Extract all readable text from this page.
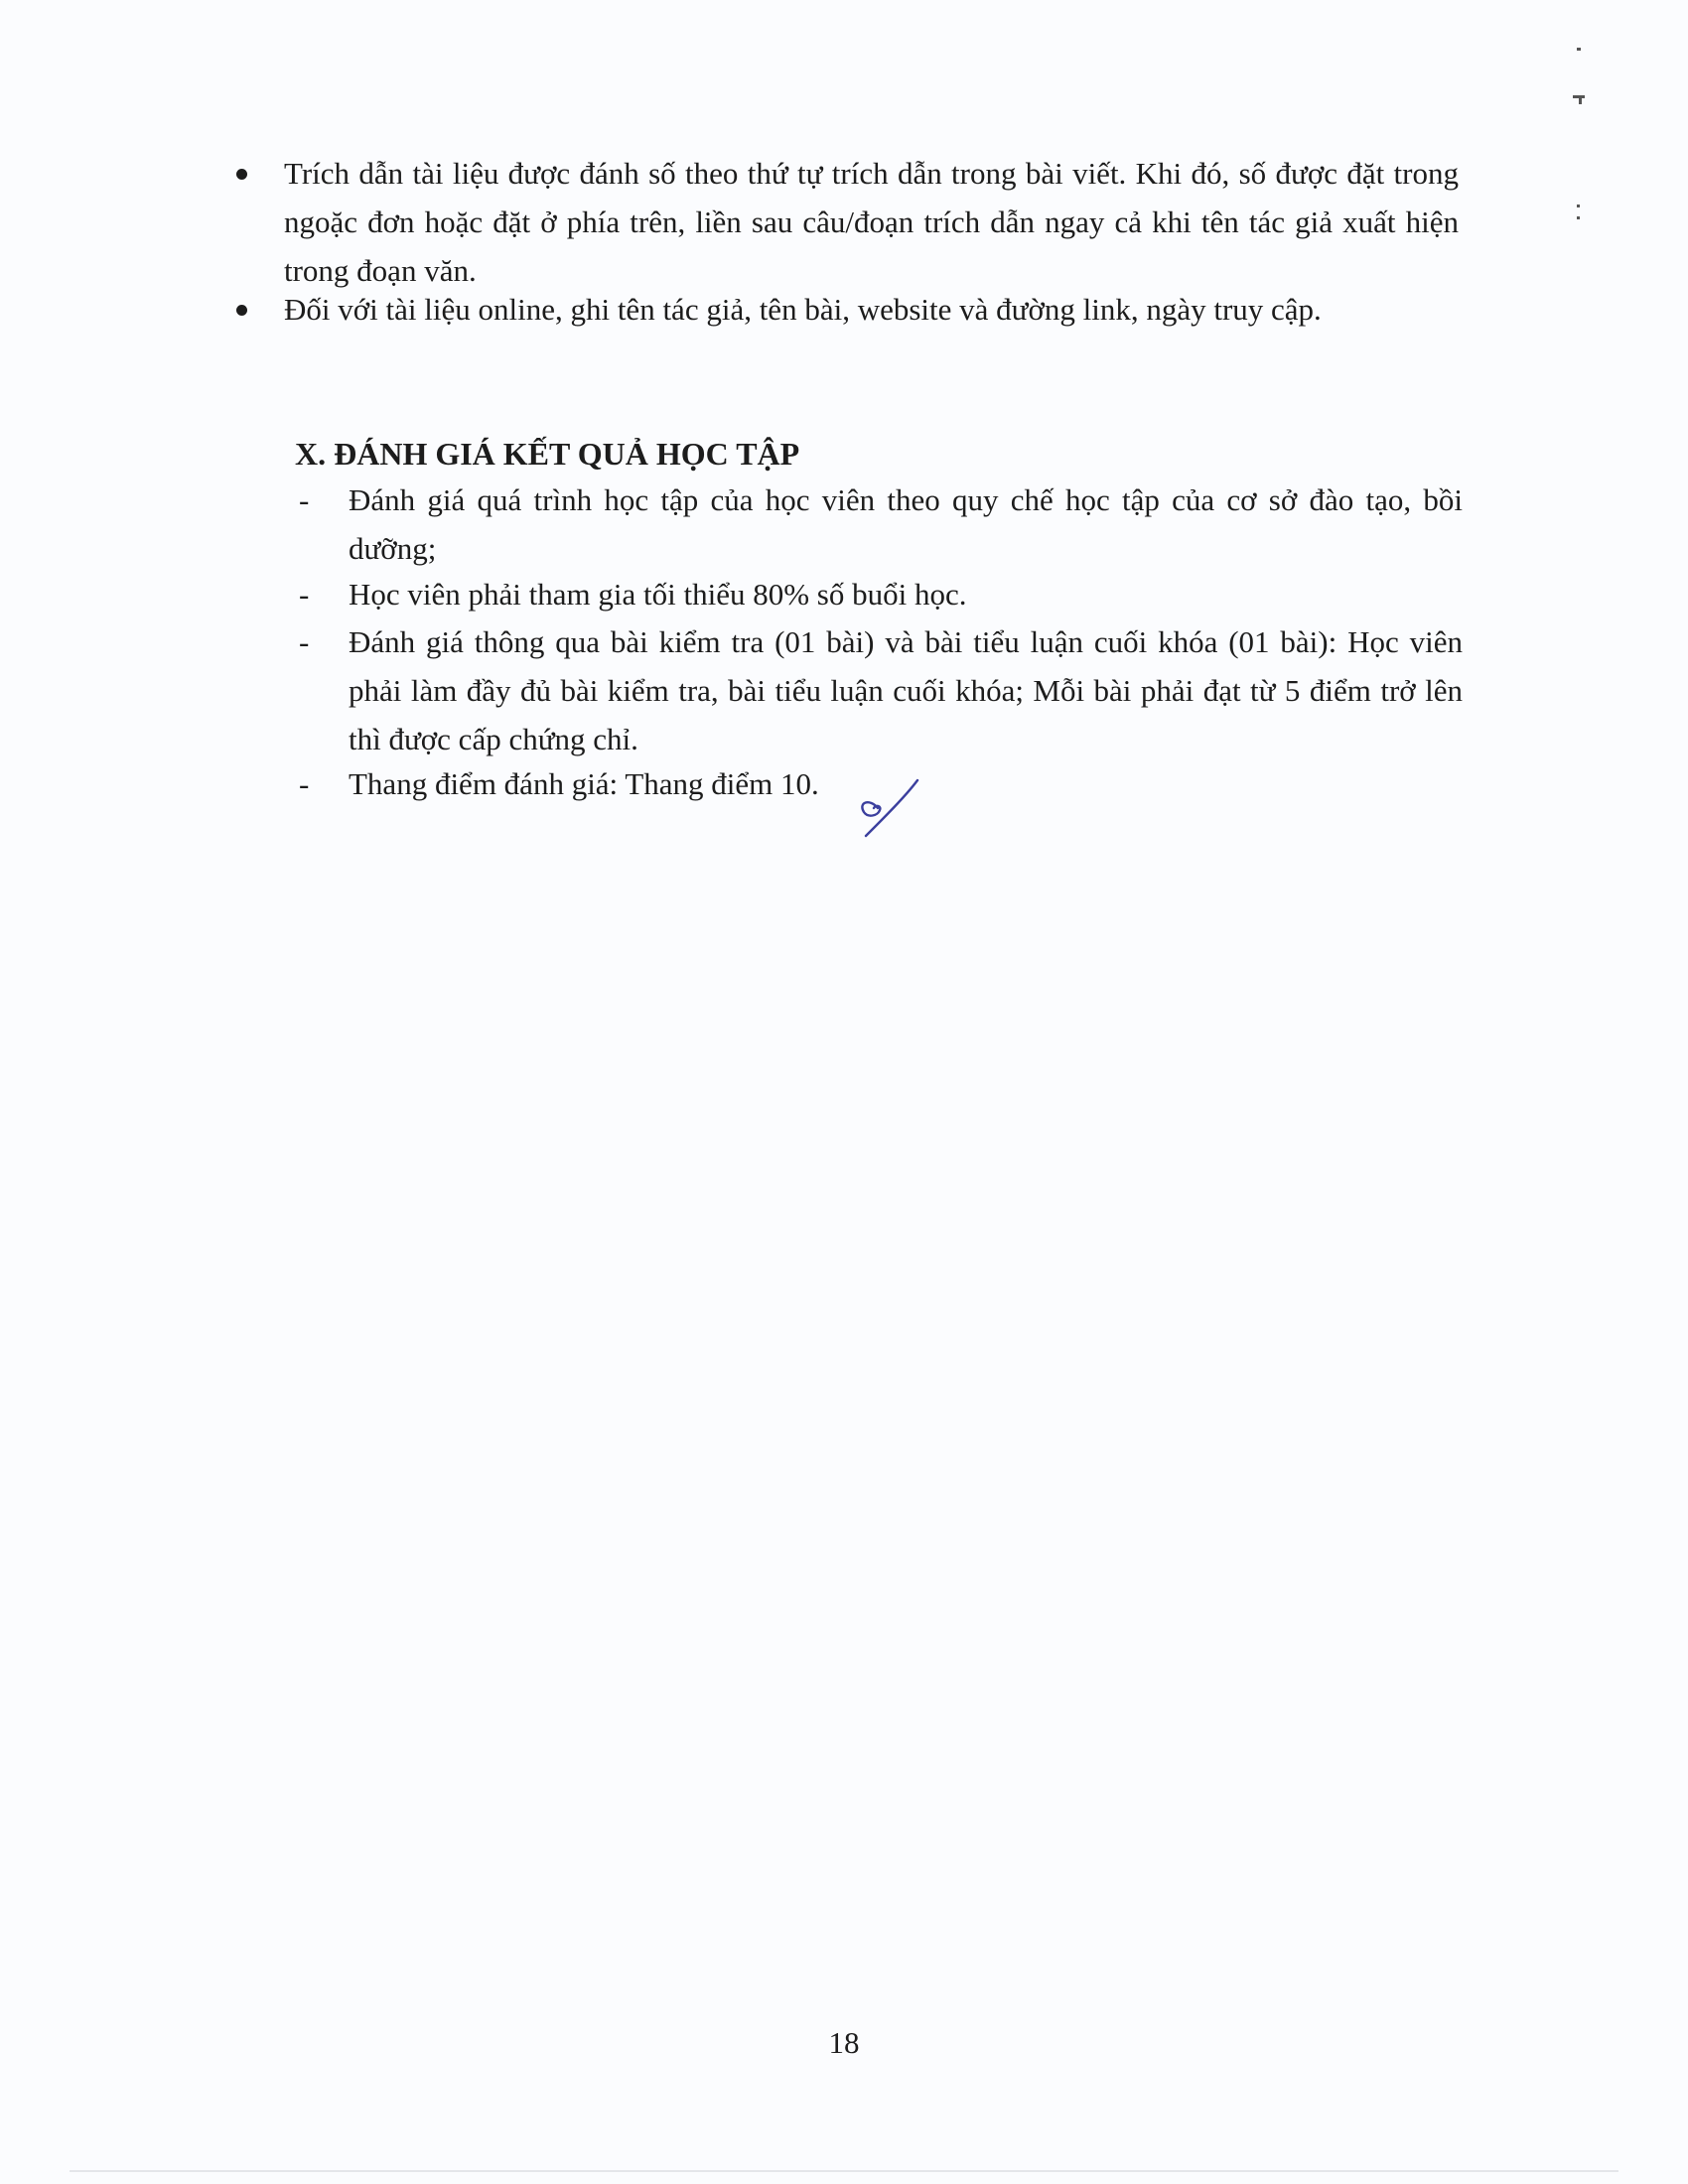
Trích dẫn tài liệu được đánh số theo thứ tự trích dẫn trong bài viết. Khi đó, số được đặt trong ngoặc đơn hoặc đặt ở phía trên, liền sau câu/đoạn trích dẫn ngay cả khi tên tác giả xuất hiện trong đoạn văn.
Đối với tài liệu online, ghi tên tác giả, tên bài, website và đường link, ngày truy cập.
X. ĐÁNH GIÁ KẾT QUẢ HỌC TẬP
- Đánh giá quá trình học tập của học viên theo quy chế học tập của cơ sở đào tạo, bồi dưỡng;
- Học viên phải tham gia tối thiểu 80% số buổi học.
- Đánh giá thông qua bài kiểm tra (01 bài) và bài tiểu luận cuối khóa (01 bài): Học viên phải làm đầy đủ bài kiểm tra, bài tiểu luận cuối khóa; Mỗi bài phải đạt từ 5 điểm trở lên thì được cấp chứng chỉ.
- Thang điểm đánh giá: Thang điểm 10.
18
